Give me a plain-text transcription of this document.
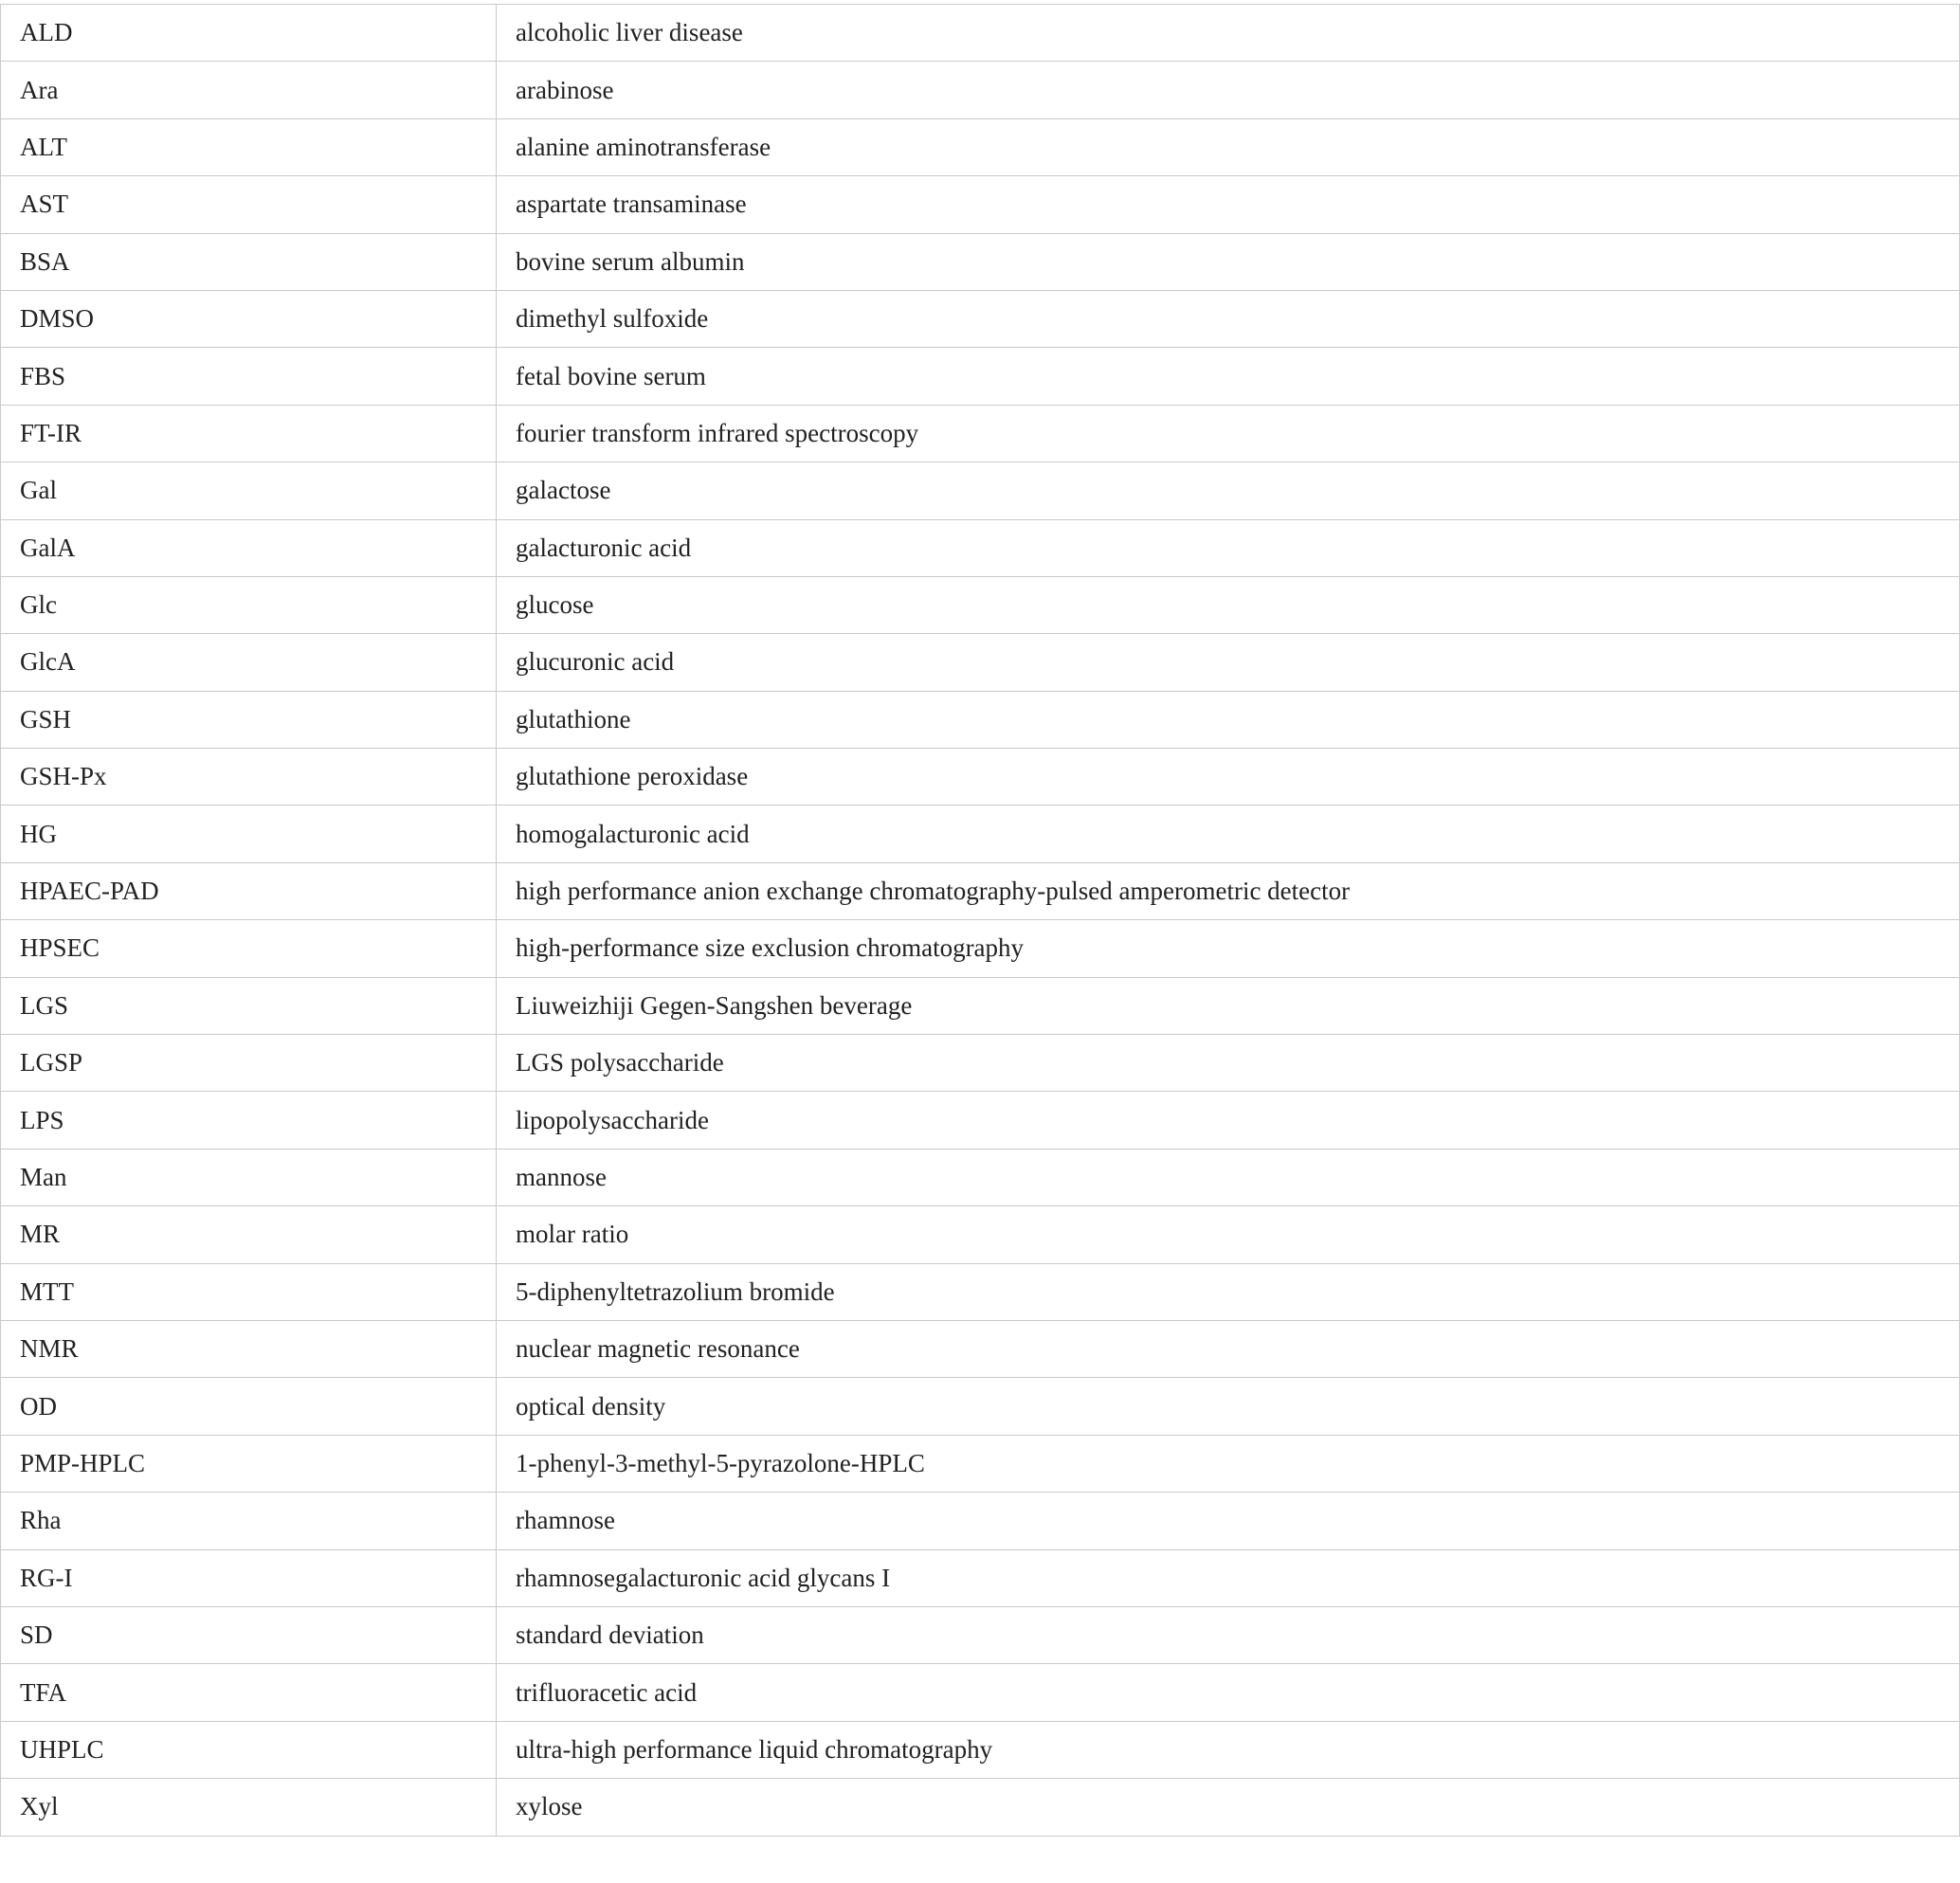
ALD	alcoholic liver disease
Ara	arabinose
ALT	alanine aminotransferase
AST	aspartate transaminase
BSA	bovine serum albumin
DMSO	dimethyl sulfoxide
FBS	fetal bovine serum
FT-IR	fourier transform infrared spectroscopy
Gal	galactose
GalA	galacturonic acid
Glc	glucose
GlcA	glucuronic acid
GSH	glutathione
GSH-Px	glutathione peroxidase
HG	homogalacturonic acid
HPAEC-PAD	high performance anion exchange chromatography-pulsed amperometric detector
HPSEC	high-performance size exclusion chromatography
LGS	Liuweizhiji Gegen-Sangshen beverage
LGSP	LGS polysaccharide
LPS	lipopolysaccharide
Man	mannose
MR	molar ratio
MTT	5-diphenyltetrazolium bromide
NMR	nuclear magnetic resonance
OD	optical density
PMP-HPLC	1-phenyl-3-methyl-5-pyrazolone-HPLC
Rha	rhamnose
RG-I	rhamnosegalacturonic acid glycans I
SD	standard deviation
TFA	trifluoracetic acid
UHPLC	ultra-high performance liquid chromatography
Xyl	xylose
